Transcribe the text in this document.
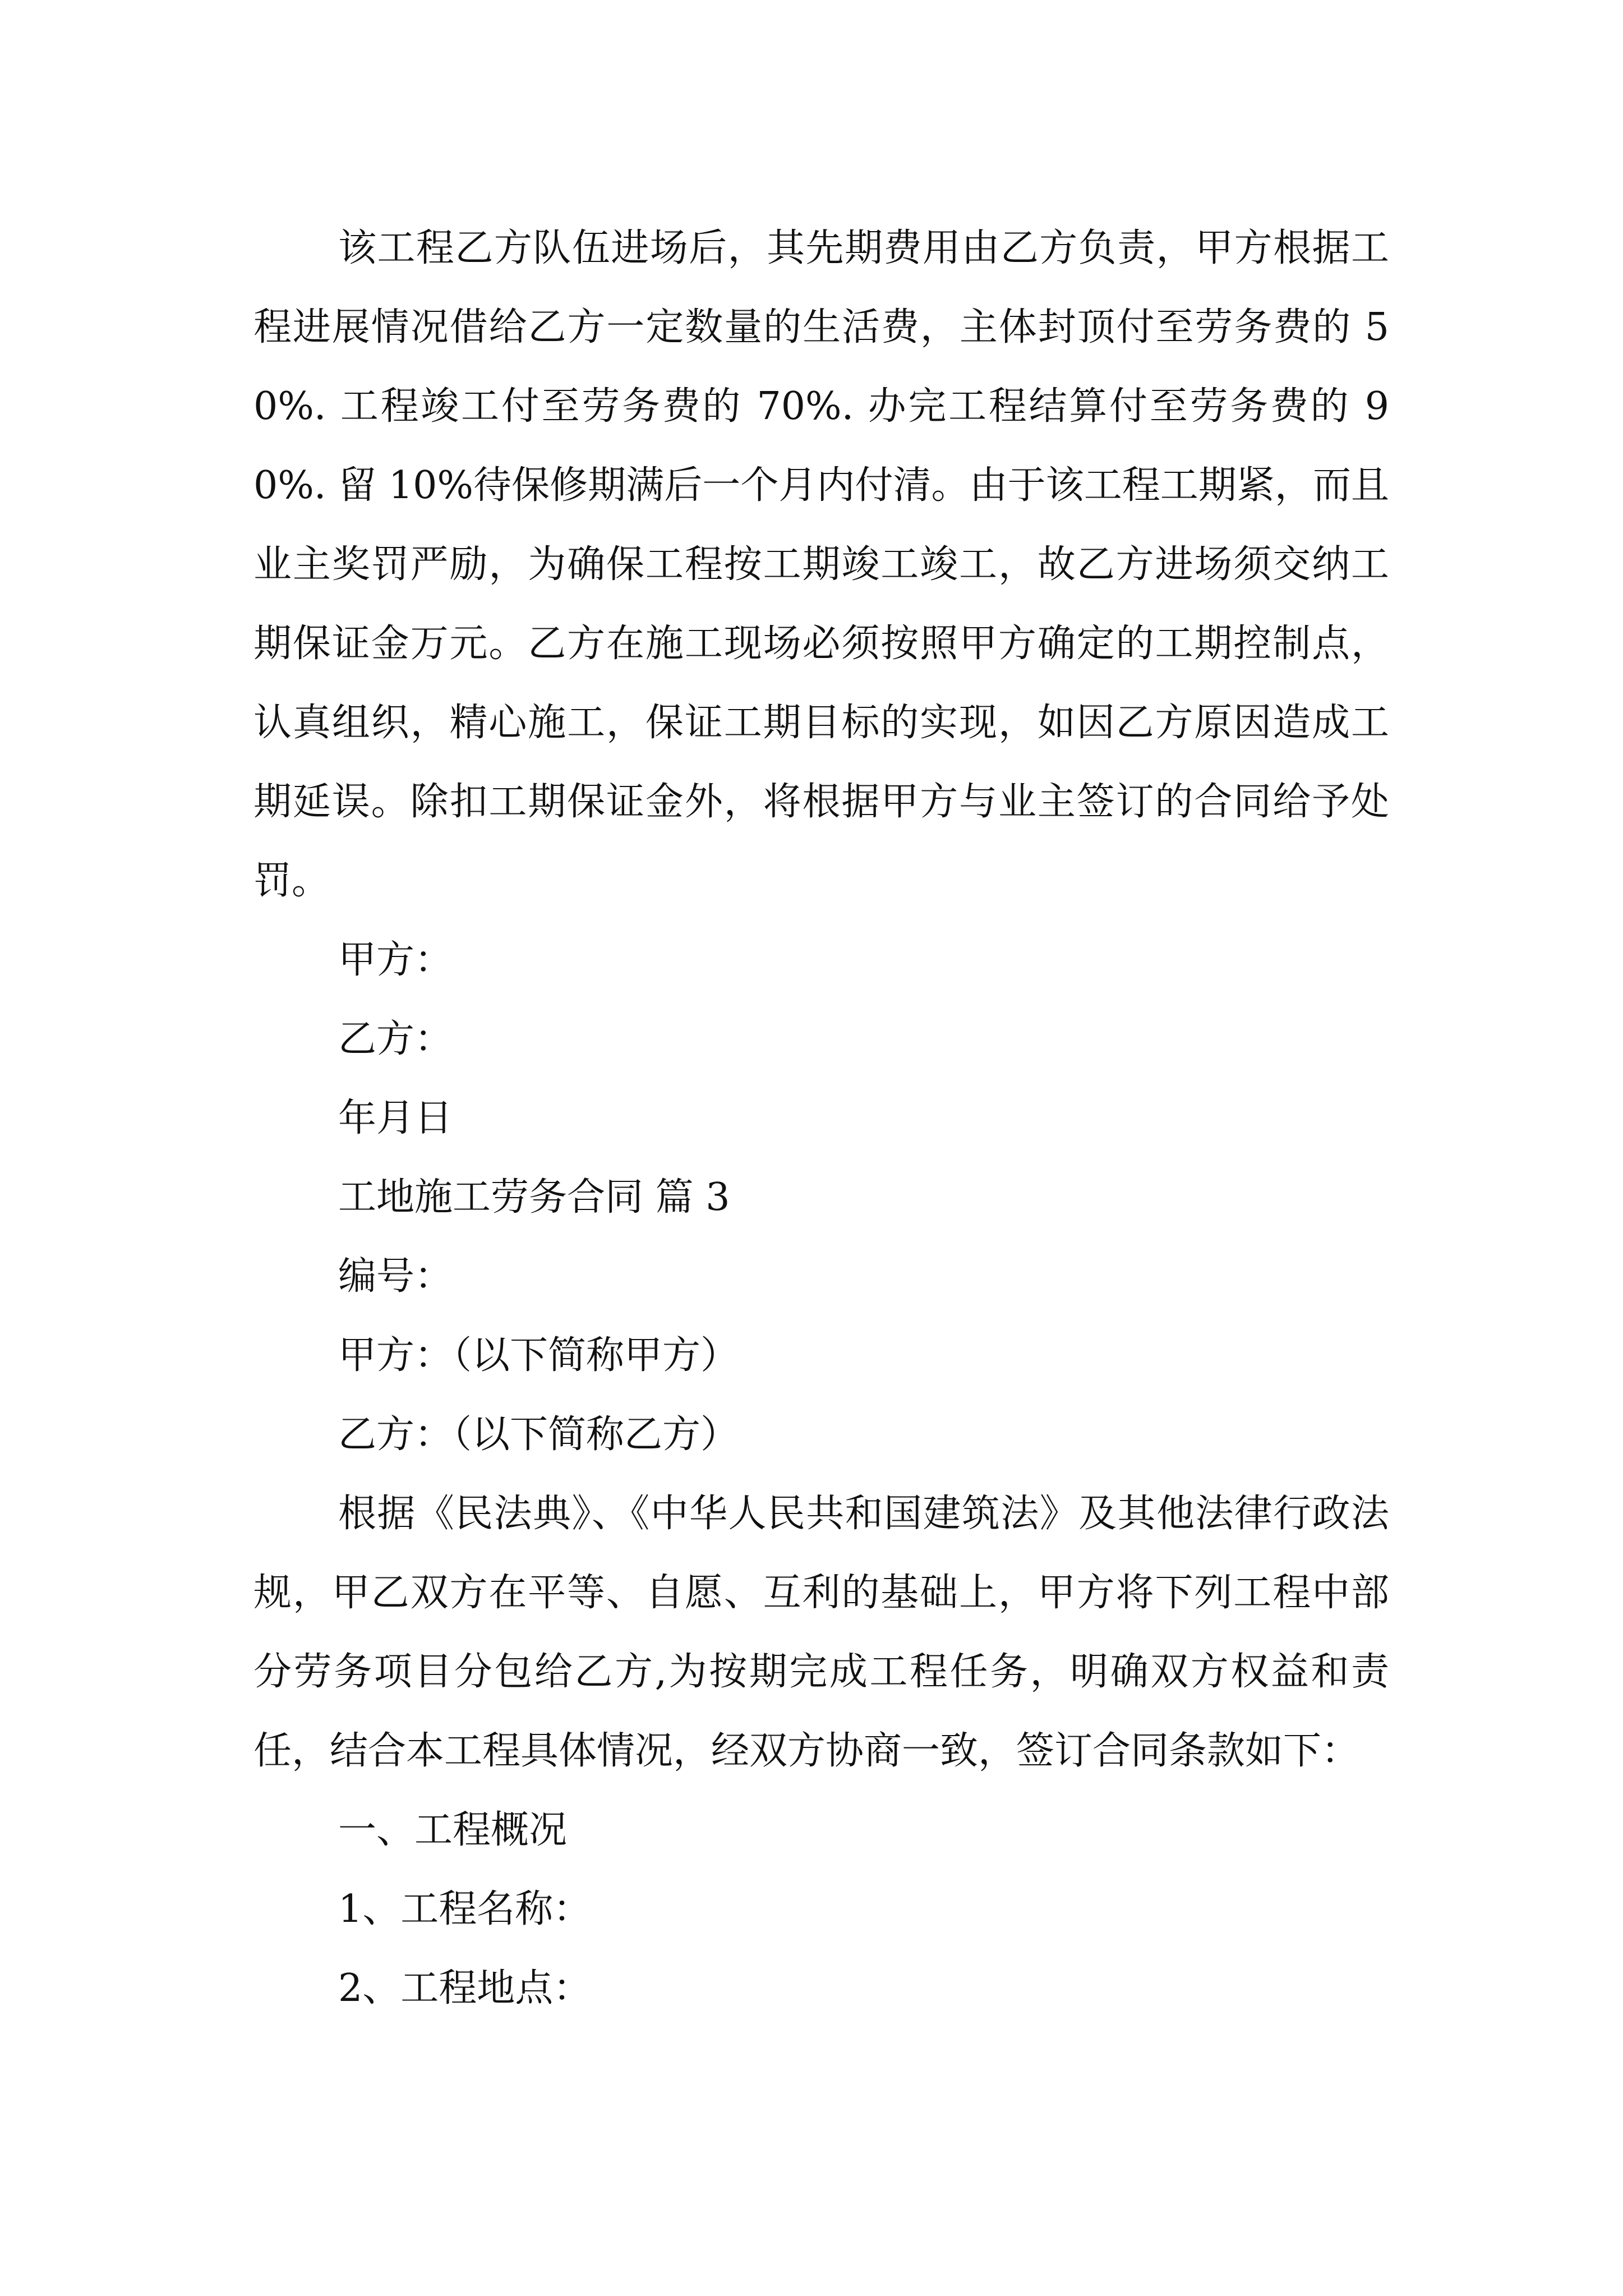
该工程乙方队伍进场后，其先期费用由乙方负责，甲方根据工程进展情况借给乙方一定数量的生活费，主体封顶付至劳务费的 50%. 工程竣工付至劳务费的 70%. 办完工程结算付至劳务费的 90%. 留 10%待保修期满后一个月内付清。由于该工程工期紧，而且业主奖罚严励，为确保工程按工期竣工竣工，故乙方进场须交纳工期保证金万元。乙方在施工现场必须按照甲方确定的工期控制点，认真组织，精心施工，保证工期目标的实现，如因乙方原因造成工期延误。除扣工期保证金外，将根据甲方与业主签订的合同给予处罚。

甲方：

乙方：

年月日

工地施工劳务合同 篇 3

编号：

甲方：（以下简称甲方）

乙方：（以下简称乙方）

根据《民法典》、《中华人民共和国建筑法》及其他法律行政法规，甲乙双方在平等、自愿、互利的基础上，甲方将下列工程中部分劳务项目分包给乙方,为按期完成工程任务，明确双方权益和责任，结合本工程具体情况，经双方协商一致，签订合同条款如下：

一、工程概况

1、工程名称：

2、工程地点：
